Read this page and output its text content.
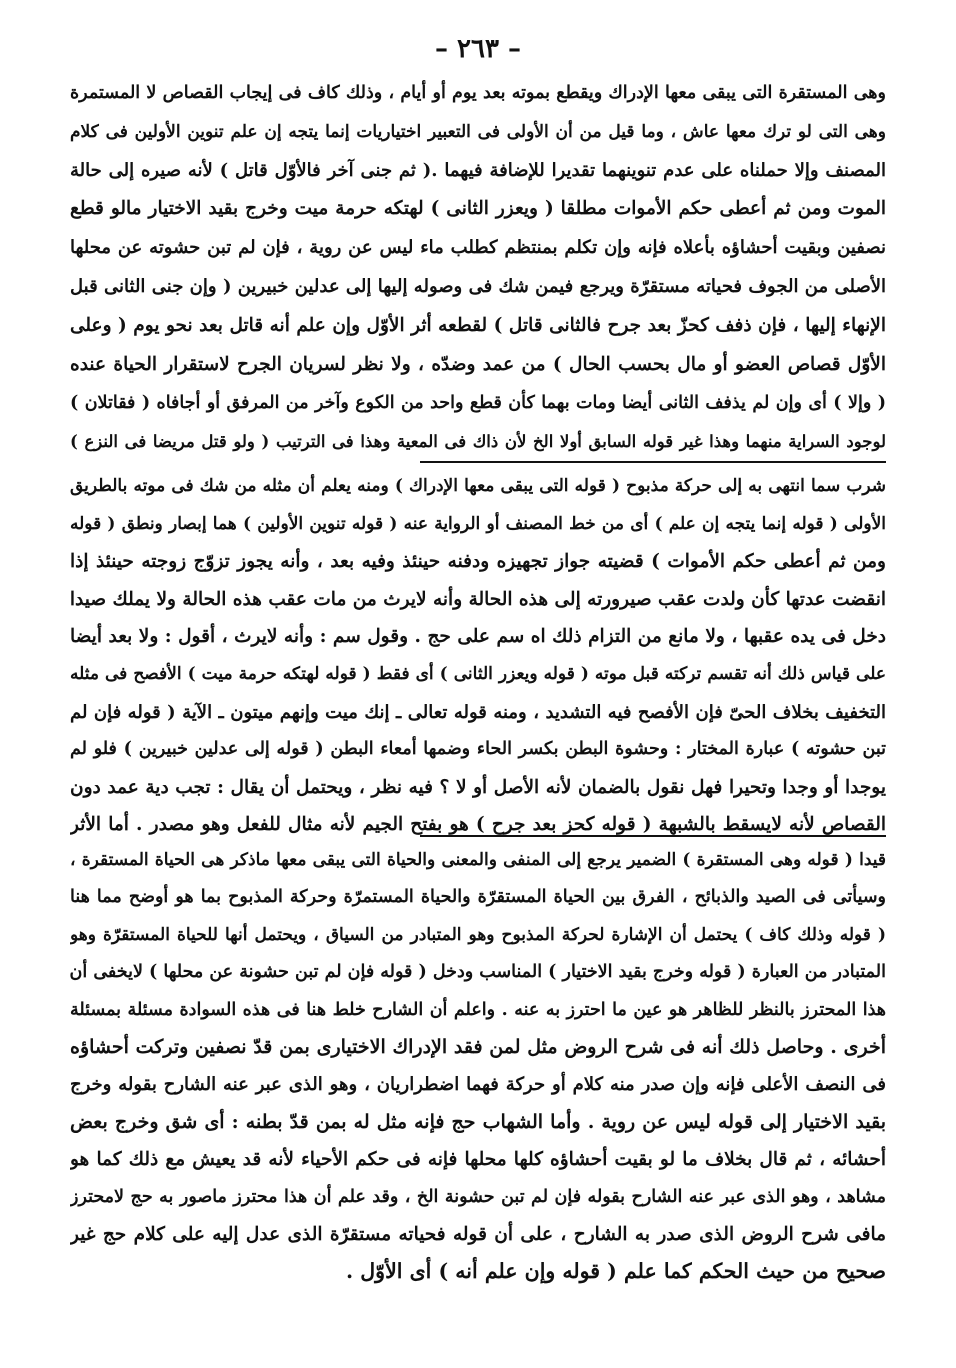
– ٢٦٣ –
وهى المستقرة التى يبقى معها الإدراك ويقطع بموته بعد يوم أو أيام ، وذلك كاف فى إيجاب القصاص لا المستمرة
وهى التى لو ترك معها عاش ، وما قيل من أن الأولى فى التعبير اختياريات إنما يتجه إن علم تنوين الأولين فى كلام
المصنف وإلا حملناه على عدم تنوينهما تقديرا للإضافة فيهما .( ثم جنى آخر فالأوّل قاتل ) لأنه صيره إلى حالة
الموت ومن ثم أعطى حكم الأموات مطلقا ( ويعزر الثانى ) لهتكه حرمة ميت وخرج بقيد الاختيار مالو قطع
نصفين وبقيت أحشاؤه بأعلاه فإنه وإن تكلم بمنتظم كطلب ماء ليس عن روية ، فإن لم تبن حشوته عن محلها
الأصلى من الجوف فحياته مستقرّة ويرجع فيمن شك فى وصوله إليها إلى عدلين خبيرين ( وإن جنى الثانى قبل
الإنهاء إليها ، فإن ذفف كحزّ بعد جرح فالثانى قاتل ) لقطعه أثر الأوّل وإن علم أنه قاتل بعد نحو يوم ( وعلى
الأوّل قصاص العضو أو مال بحسب الحال ) من عمد وضدّه ، ولا نظر لسريان الجرح لاستقرار الحياة عنده
( وإلا ) أى وإن لم يذفف الثانى أيضا ومات بهما كأن قطع واحد من الكوع وآخر من المرفق أو أجافاه ( فقاتلان )
لوجود السراية منهما وهذا غير قوله السابق أولا الخ لأن ذاك فى المعية وهذا فى الترتيب ( ولو قتل مريضا فى النزع )
شرب سما انتهى به إلى حركة مذبوح ( قوله التى يبقى معها الإدراك ) ومنه يعلم أن مثله من شك فى موته بالطريق
الأولى ( قوله إنما يتجه إن علم ) أى من خط المصنف أو الرواية عنه ( قوله تنوين الأولين ) هما إبصار ونطق ( قوله
ومن ثم أعطى حكم الأموات ) قضيته جواز تجهيزه ودفنه حينئذ وفيه بعد ، وأنه يجوز تزوّج زوجته حينئذ إذا
انقضت عدتها كأن ولدت عقب صيرورته إلى هذه الحالة وأنه لايرث من مات عقب هذه الحالة ولا يملك صيدا
دخل فى يده عقبها ، ولا مانع من التزام ذلك اه سم على حج . وقول سم : وأنه لايرث ، أقول : ولا بعد أيضا
على قياس ذلك أنه تقسم تركته قبل موته ( قوله ويعزر الثانى ) أى فقط ( قوله لهتكه حرمة ميت ) الأفصح فى مثله
التخفيف بخلاف الحىّ فإن الأفصح فيه التشديد ، ومنه قوله تعالى ـ إنك ميت وإنهم ميتون ـ الآية ( قوله فإن لم
تبن حشوته ) عبارة المختار : وحشوة البطن بكسر الحاء وضمها أمعاء البطن ( قوله إلى عدلين خبيرين ) فلو لم
يوجدا أو وجدا وتحيرا فهل نقول بالضمان لأنه الأصل أو لا ؟ فيه نظر ، ويحتمل أن يقال : تجب دية عمد دون
القصاص لأنه لايسقط بالشبهة ( قوله كحز بعد جرح ) هو بفتح الجيم لأنه مثال للفعل وهو مصدر . أما الأثر
قيدا ( قوله وهى المستقرة ) الضمير يرجع إلى المنفى والمعنى والحياة التى يبقى معها ماذكر هى الحياة المستقرة ،
وسيأتى فى الصيد والذبائح ، الفرق بين الحياة المستقرّة والحياة المستمرّة وحركة المذبوح بما هو أوضح مما هنا
( قوله وذلك كاف ) يحتمل أن الإشارة لحركة المذبوح وهو المتبادر من السياق ، ويحتمل أنها للحياة المستقرّة وهو
المتبادر من العبارة ( قوله وخرج بقيد الاختيار ) المناسب ودخل ( قوله فإن لم تبن حشونة عن محلها ) لايخفى أن
هذا المحترز بالنظر للظاهر هو عين ما احترز به عنه . واعلم أن الشارح خلط هنا فى هذه السوادة مسئلة بمسئلة
أخرى . وحاصل ذلك أنه فى شرح الروض مثل لمن فقد الإدراك الاختيارى بمن قدّ نصفين وتركت أحشاؤه
فى النصف الأعلى فإنه وإن صدر منه كلام أو حركة فهما اضطراريان ، وهو الذى عبر عنه الشارح بقوله وخرج
بقيد الاختيار إلى قوله ليس عن روية . وأما الشهاب حج فإنه مثل له بمن قدّ بطنه : أى شق وخرج بعض
أحشائه ، ثم قال بخلاف ما لو بقيت أحشاؤه كلها محلها فإنه فى حكم الأحياء لأنه قد يعيش مع ذلك كما هو
مشاهد ، وهو الذى عبر عنه الشارح بقوله فإن لم تبن حشونة الخ ، وقد علم أن هذا محترز ماصور به حج لامحترز
مافى شرح الروض الذى صدر به الشارح ، على أن قوله فحياته مستقرّة الذى عدل إليه على كلام حج غير
صحيح من حيث الحكم كما علم ( قوله وإن علم أنه ) أى الأوّل .
